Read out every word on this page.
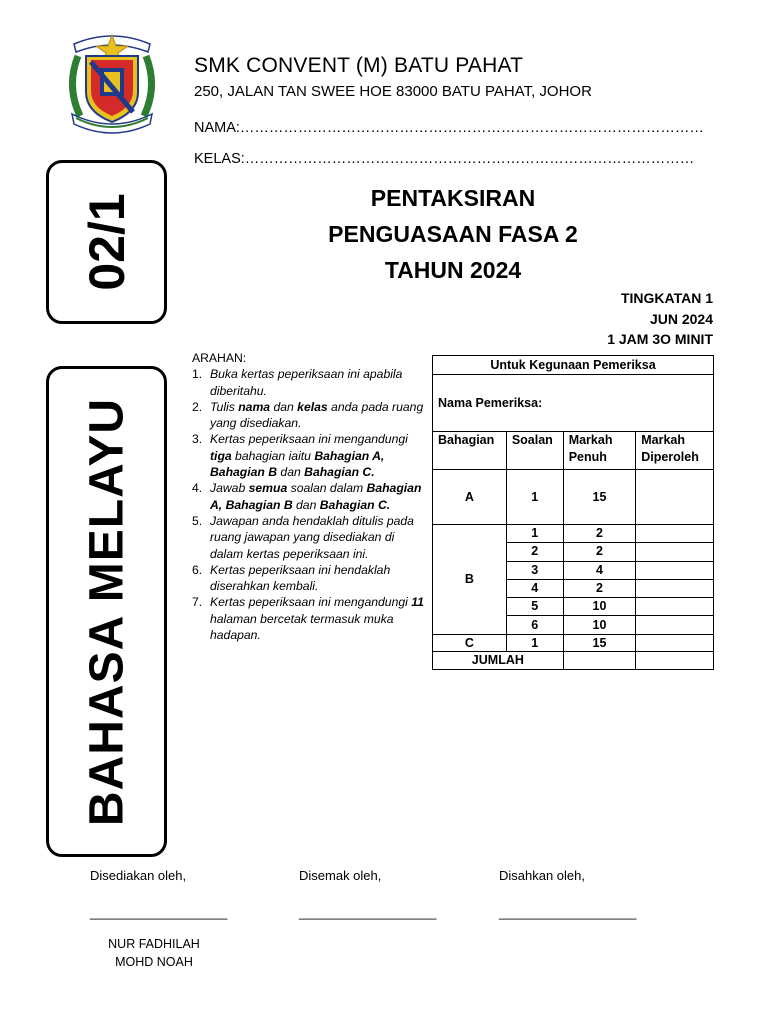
SMK CONVENT (M) BATU PAHAT
250, JALAN TAN SWEE HOE 83000 BATU PAHAT, JOHOR
NAMA:……………………………………………………………………………………
KELAS:…………………………………………………………………………………
02/1
BAHASA MELAYU
PENTAKSIRAN
PENGUASAAN FASA 2
TAHUN 2024
TINGKATAN 1
JUN 2024
1 JAM 3O MINIT
ARAHAN:
1. Buka kertas peperiksaan ini apabila diberitahu.
2. Tulis nama dan kelas anda pada ruang yang disediakan.
3. Kertas peperiksaan ini mengandungi tiga bahagian iaitu Bahagian A, Bahagian B dan Bahagian C.
4. Jawab semua soalan dalam Bahagian A, Bahagian B dan Bahagian C.
5. Jawapan anda hendaklah ditulis pada ruang jawapan yang disediakan di dalam kertas peperiksaan ini.
6. Kertas peperiksaan ini hendaklah diserahkan kembali.
7. Kertas peperiksaan ini mengandungi 11 halaman bercetak termasuk muka hadapan.
Untuk Kegunaan Pemeriksa			
Nama Pemeriksa:			
Bahagian	Soalan	Markah Penuh	Markah Diperoleh
A	1	15	
B	1	2	
	2	2	
	3	4	
	4	2	
	5	10	
	6	10	
C	1	15	
JUMLAH			
Disediakan oleh,	Disemak oleh,	Disahkan oleh,
___________________	___________________	___________________
NUR FADHILAH MOHD NOAH
